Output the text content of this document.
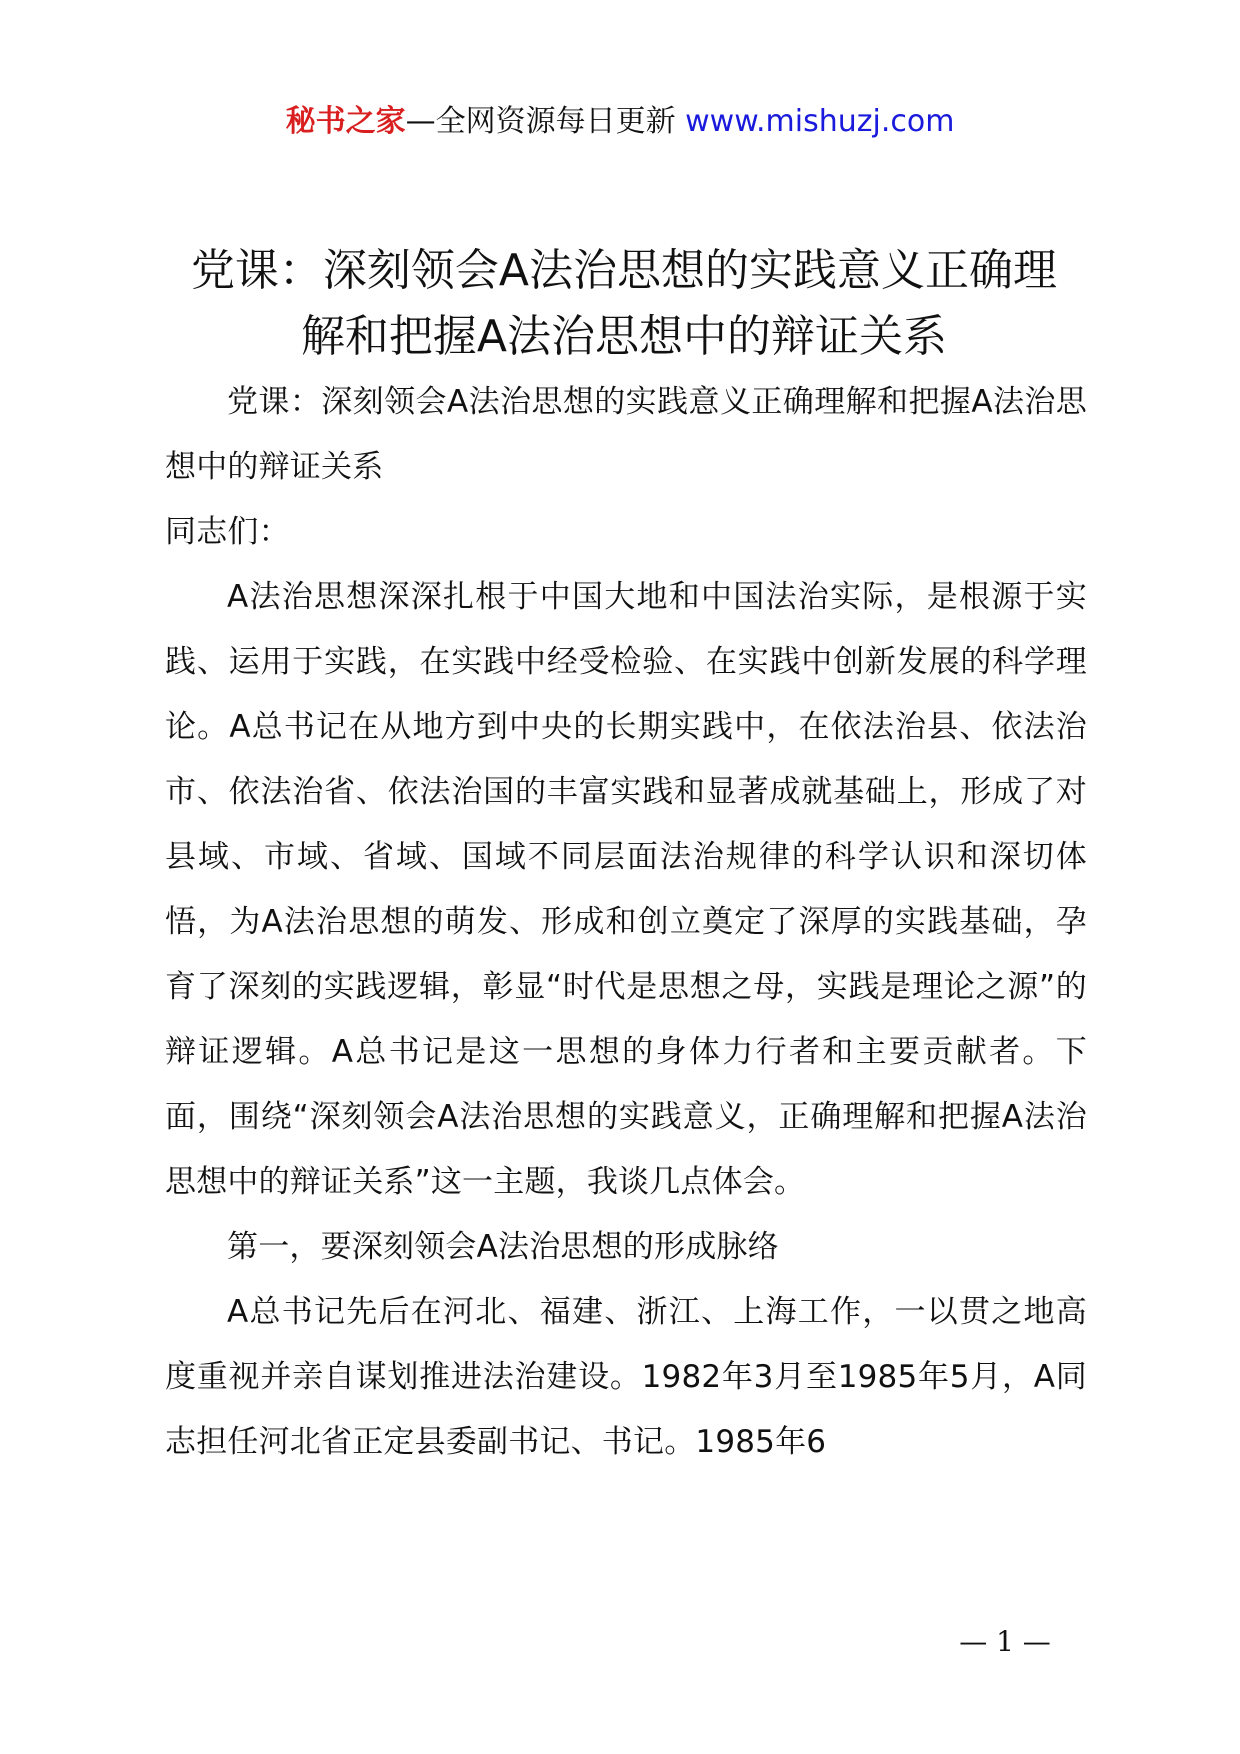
秘书之家—全网资源每日更新 www.mishuzj.com
党课：深刻领会A法治思想的实践意义正确理
解和把握A法治思想中的辩证关系

党课：深刻领会A法治思想的实践意义正确理解和把握A法治思想中的辩证关系

同志们：

A法治思想深深扎根于中国大地和中国法治实际，是根源于实践、运用于实践，在实践中经受检验、在实践中创新发展的科学理论。A总书记在从地方到中央的长期实践中，在依法治县、依法治市、依法治省、依法治国的丰富实践和显著成就基础上，形成了对县域、市域、省域、国域不同层面法治规律的科学认识和深切体悟，为A法治思想的萌发、形成和创立奠定了深厚的实践基础，孕育了深刻的实践逻辑，彰显“时代是思想之母，实践是理论之源”的辩证逻辑。A总书记是这一思想的身体力行者和主要贡献者。下面，围绕“深刻领会A法治思想的实践意义，正确理解和把握A法治思想中的辩证关系”这一主题，我谈几点体会。

第一，要深刻领会A法治思想的形成脉络

A总书记先后在河北、福建、浙江、上海工作，一以贯之地高度重视并亲自谋划推进法治建设。1982年3月至1985年5月，A同志担任河北省正定县委副书记、书记。1985年6

— 1 —
